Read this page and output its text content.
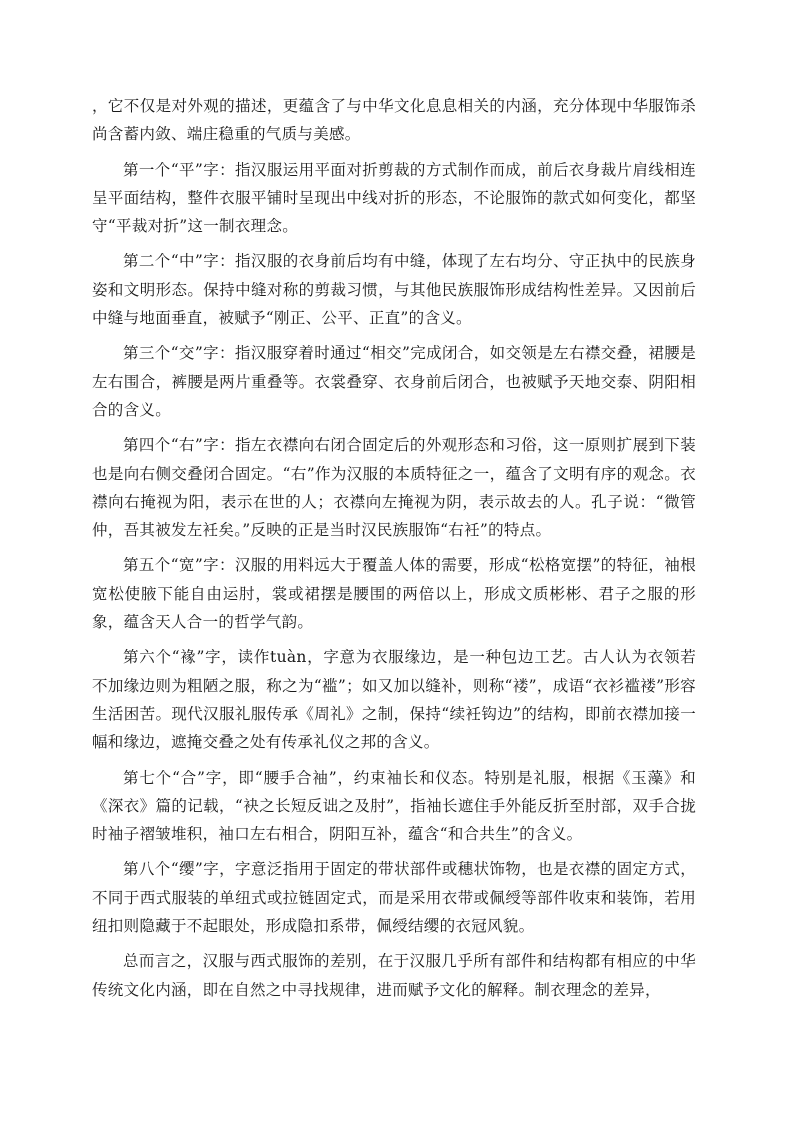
，它不仅是对外观的描述，更蕴含了与中华文化息息相关的内涵，充分体现中华服饰杀尚含蓄内敛、端庄稳重的气质与美感。

第一个“平”字：指汉服运用平面对折剪裁的方式制作而成，前后衣身裁片肩线相连呈平面结构，整件衣服平铺时呈现出中线对折的形态，不论服饰的款式如何变化，都坚守“平裁对折”这一制衣理念。

第二个“中”字：指汉服的衣身前后均有中缝，体现了左右均分、守正执中的民族身姿和文明形态。保持中缝对称的剪裁习惯，与其他民族服饰形成结构性差异。又因前后中缝与地面垂直，被赋予“刚正、公平、正直”的含义。

第三个“交”字：指汉服穿着时通过“相交”完成闭合，如交领是左右襟交叠，裙腰是左右围合，裤腰是两片重叠等。衣裳叠穿、衣身前后闭合，也被赋予天地交泰、阴阳相合的含义。

第四个“右”字：指左衣襟向右闭合固定后的外观形态和习俗，这一原则扩展到下装也是向右侧交叠闭合固定。“右”作为汉服的本质特征之一，蕴含了文明有序的观念。衣襟向右掩视为阳，表示在世的人；衣襟向左掩视为阴，表示故去的人。孔子说：“微管仲，吾其被发左衽矣。”反映的正是当时汉民族服饰“右衽”的特点。

第五个“宽”字：汉服的用料远大于覆盖人体的需要，形成“松格宽摆”的特征，袖根宽松使腋下能自由运肘，裳或裙摆是腰围的两倍以上，形成文质彬彬、君子之服的形象，蕴含天人合一的哲学气韵。

第六个“褖”字，读作tuàn，字意为衣服缘边，是一种包边工艺。古人认为衣领若不加缘边则为粗陋之服，称之为“褴”；如又加以缝补，则称“褛”，成语“衣衫褴褛”形容生活困苦。现代汉服礼服传承《周礼》之制，保持“续衽钩边”的结构，即前衣襟加接一幅和缘边，遮掩交叠之处有传承礼仪之邦的含义。

第七个“合”字，即“腰手合袖”，约束袖长和仪态。特别是礼服，根据《玉藻》和《深衣》篇的记载，“袂之长短反诎之及肘”，指袖长遮住手外能反折至肘部，双手合拢时袖子褶皱堆积，袖口左右相合，阴阳互补，蕴含“和合共生”的含义。

第八个“缨”字，字意泛指用于固定的带状部件或穗状饰物，也是衣襟的固定方式，不同于西式服装的单纽式或拉链固定式，而是采用衣带或佩绶等部件收束和装饰，若用纽扣则隐藏于不起眼处，形成隐扣系带，佩绶结缨的衣冠风貌。

总而言之，汉服与西式服饰的差别，在于汉服几乎所有部件和结构都有相应的中华传统文化内涵，即在自然之中寻找规律，进而赋予文化的解释。制衣理念的差异，
